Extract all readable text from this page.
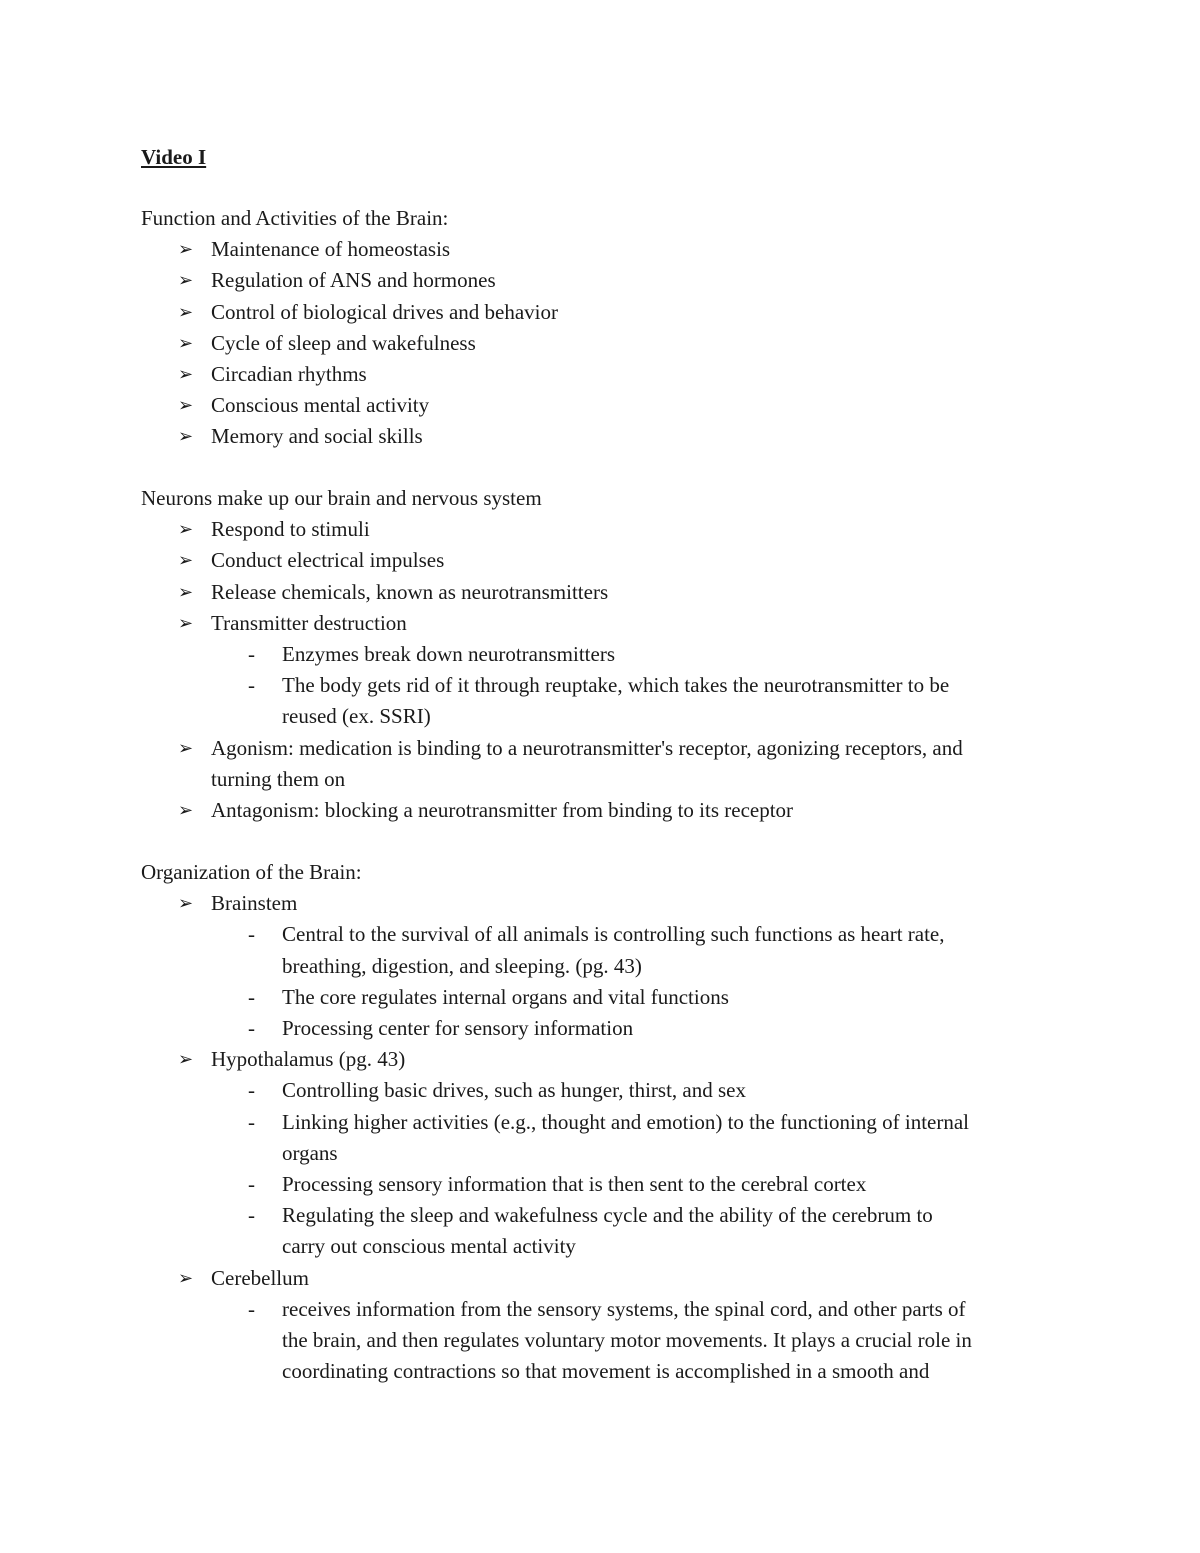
Video I

Function and Activities of the Brain:

➢ Maintenance of homeostasis

➢ Regulation of ANS and hormones

➢ Control of biological drives and behavior

➢ Cycle of sleep and wakefulness

➢ Circadian rhythms

➢ Conscious mental activity

➢ Memory and social skills

Neurons make up our brain and nervous system

➢ Respond to stimuli

➢ Conduct electrical impulses

➢ Release chemicals, known as neurotransmitters

➢ Transmitter destruction

- Enzymes break down neurotransmitters

- The body gets rid of it through reuptake, which takes the neurotransmitter to be

reused (ex. SSRI)

➢ Agonism: medication is binding to a neurotransmitter's receptor, agonizing receptors, and

turning them on

➢ Antagonism: blocking a neurotransmitter from binding to its receptor

Organization of the Brain:

➢ Brainstem

- Central to the survival of all animals is controlling such functions as heart rate,

breathing, digestion, and sleeping. (pg. 43)

- The core regulates internal organs and vital functions

- Processing center for sensory information

➢ Hypothalamus (pg. 43)

- Controlling basic drives, such as hunger, thirst, and sex

- Linking higher activities (e.g., thought and emotion) to the functioning of internal

organs

- Processing sensory information that is then sent to the cerebral cortex

- Regulating the sleep and wakefulness cycle and the ability of the cerebrum to

carry out conscious mental activity

➢ Cerebellum

- receives information from the sensory systems, the spinal cord, and other parts of

the brain, and then regulates voluntary motor movements. It plays a crucial role in

coordinating contractions so that movement is accomplished in a smooth and
